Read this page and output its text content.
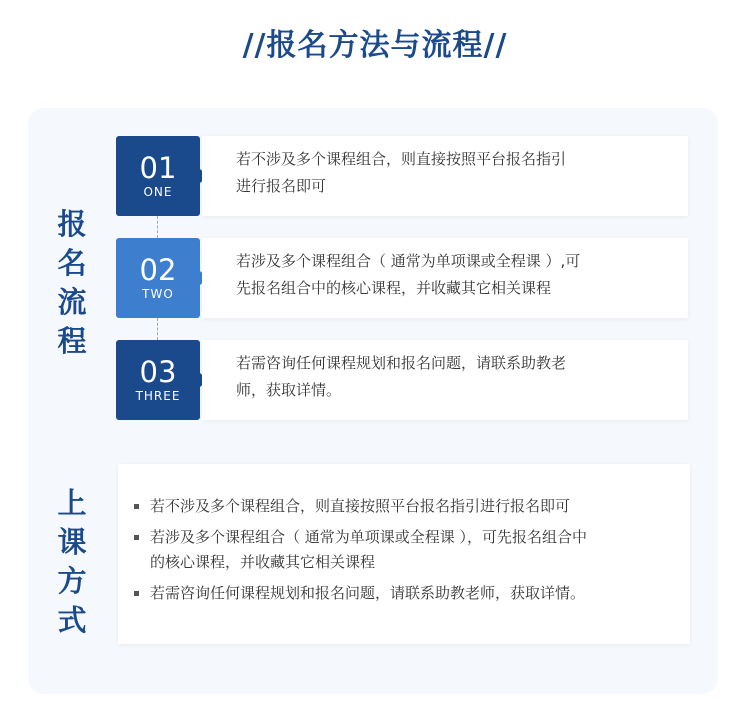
//报名方法与流程//
报
名
流
程
01
ONE
若不涉及多个课程组合，则直接按照平台报名指引
进行报名即可
02
TWO
若涉及多个课程组合（ 通常为单项课或全程课 ）,可
先报名组合中的核心课程，并收藏其它相关课程
03
THREE
若需咨询任何课程规划和报名问题，请联系助教老
师，获取详情。
上
课
方
式
若不涉及多个课程组合，则直接按照平台报名指引进行报名即可
若涉及多个课程组合（ 通常为单项课或全程课 ），可先报名组合中
的核心课程，并收藏其它相关课程
若需咨询任何课程规划和报名问题，请联系助教老师，获取详情。
